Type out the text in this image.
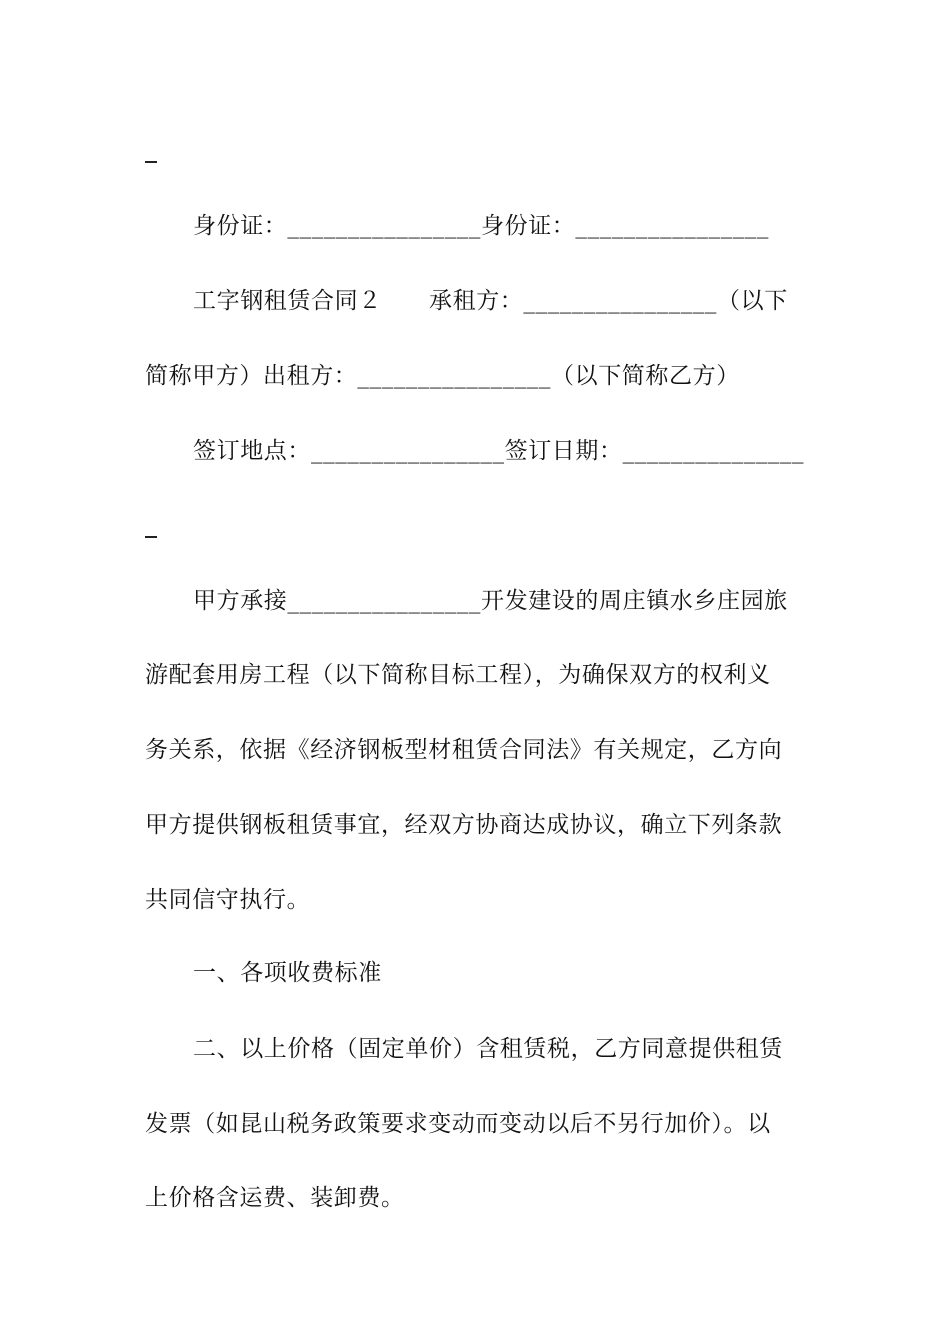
身份证：________________身份证：________________
工字钢租赁合同２　　承租方：________________（以下
简称甲方）出租方：________________（以下简称乙方）
签订地点：________________签订日期：_______________
甲方承接________________开发建设的周庄镇水乡庄园旅
游配套用房工程（以下简称目标工程），为确保双方的权利义
务关系，依据《经济钢板型材租赁合同法》有关规定，乙方向
甲方提供钢板租赁事宜，经双方协商达成协议，确立下列条款
共同信守执行。
一、各项收费标准
二、以上价格（固定单价）含租赁税，乙方同意提供租赁
发票（如昆山税务政策要求变动而变动以后不另行加价）。以
上价格含运费、装卸费。
